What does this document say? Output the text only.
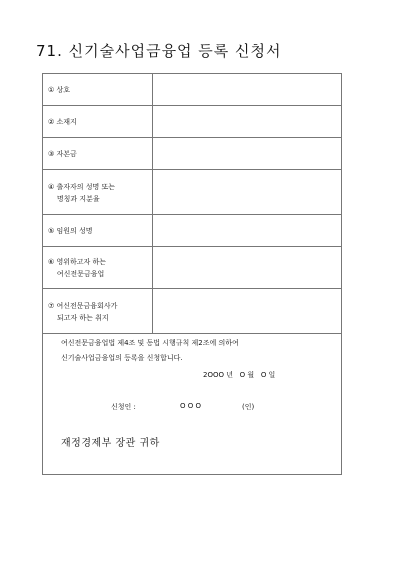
71. 신기술사업금융업 등록 신청서
① 상호
② 소재지
③ 자본금
④ 출자자의 성명 또는
명칭과 지분율
⑤ 임원의 성명
⑥ 영위하고자 하는
여신전문금융업
⑦ 여신전문금융회사가
되고자 하는 취지
여신전문금융업법 제4조 및 동법 시행규칙 제2조에 의하여
신기술사업금융업의 등록을 신청합니다.
2OOO 년   O 월   O 일
신청인 :	O O O	(인)
재정경제부 장관 귀하
